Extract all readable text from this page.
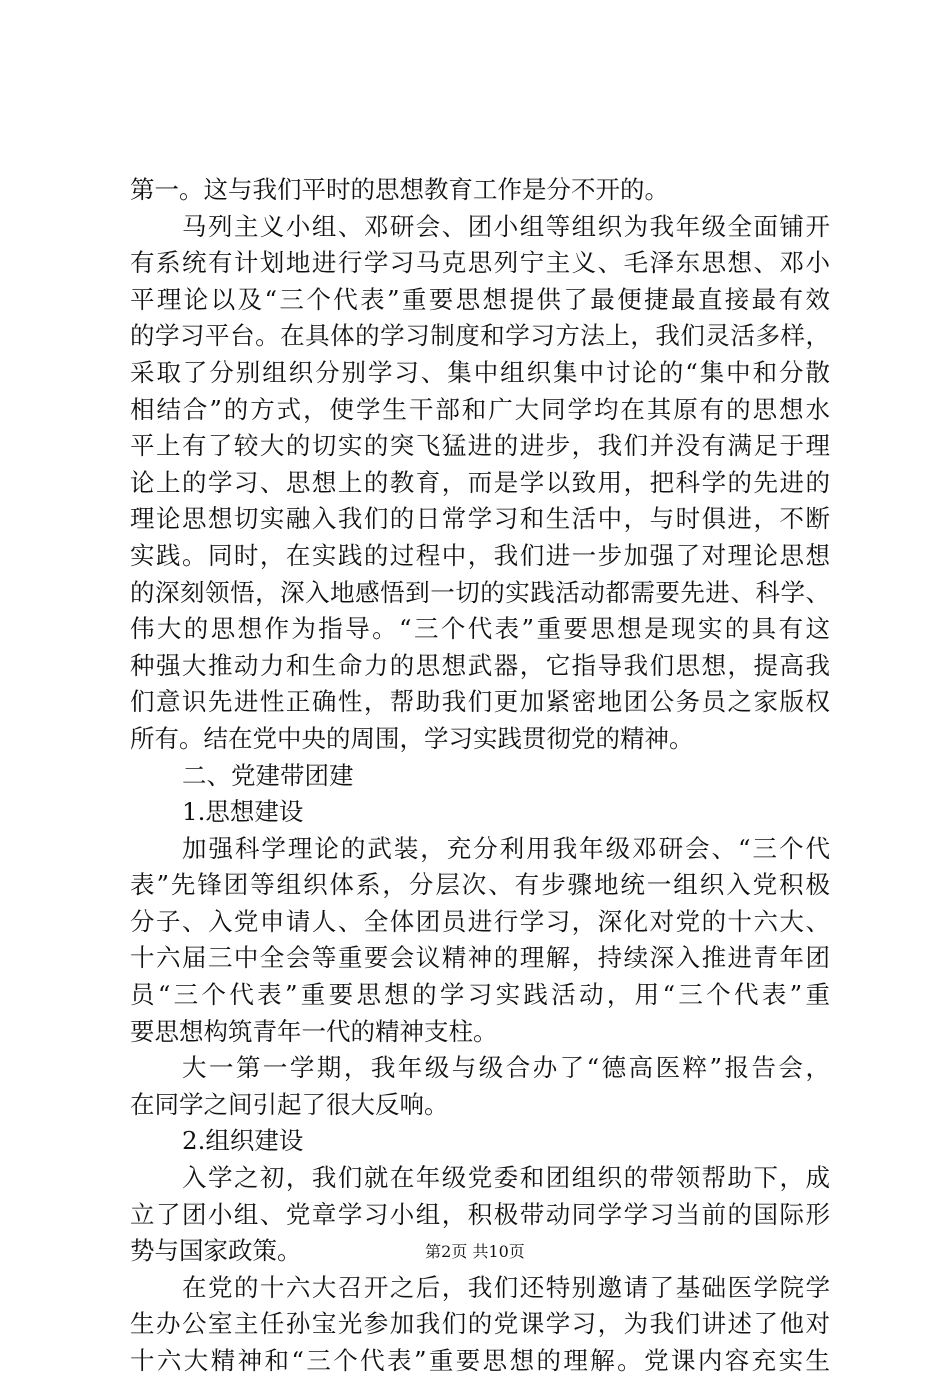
第一。这与我们平时的思想教育工作是分不开的。
马列主义小组、邓研会、团小组等组织为我年级全面铺开
有系统有计划地进行学习马克思列宁主义、毛泽东思想、邓小
平理论以及“三个代表”重要思想提供了最便捷最直接最有效
的学习平台。在具体的学习制度和学习方法上，我们灵活多样，
采取了分别组织分别学习、集中组织集中讨论的“集中和分散
相结合”的方式，使学生干部和广大同学均在其原有的思想水
平上有了较大的切实的突飞猛进的进步，我们并没有满足于理
论上的学习、思想上的教育，而是学以致用，把科学的先进的
理论思想切实融入我们的日常学习和生活中，与时俱进，不断
实践。同时，在实践的过程中，我们进一步加强了对理论思想
的深刻领悟，深入地感悟到一切的实践活动都需要先进、科学、
伟大的思想作为指导。“三个代表”重要思想是现实的具有这
种强大推动力和生命力的思想武器，它指导我们思想，提高我
们意识先进性正确性，帮助我们更加紧密地团公务员之家版权
所有。结在党中央的周围，学习实践贯彻党的精神。
二、党建带团建
1.思想建设
加强科学理论的武装，充分利用我年级邓研会、“三个代
表”先锋团等组织体系，分层次、有步骤地统一组织入党积极
分子、入党申请人、全体团员进行学习，深化对党的十六大、
十六届三中全会等重要会议精神的理解，持续深入推进青年团
员“三个代表”重要思想的学习实践活动，用“三个代表”重
要思想构筑青年一代的精神支柱。
大一第一学期，我年级与级合办了“德高医粹”报告会，
在同学之间引起了很大反响。
2.组织建设
入学之初，我们就在年级党委和团组织的带领帮助下，成
立了团小组、党章学习小组，积极带动同学学习当前的国际形
势与国家政策。
在党的十六大召开之后，我们还特别邀请了基础医学院学
生办公室主任孙宝光参加我们的党课学习，为我们讲述了他对
十六大精神和“三个代表”重要思想的理解。党课内容充实生
第2页 共10页
